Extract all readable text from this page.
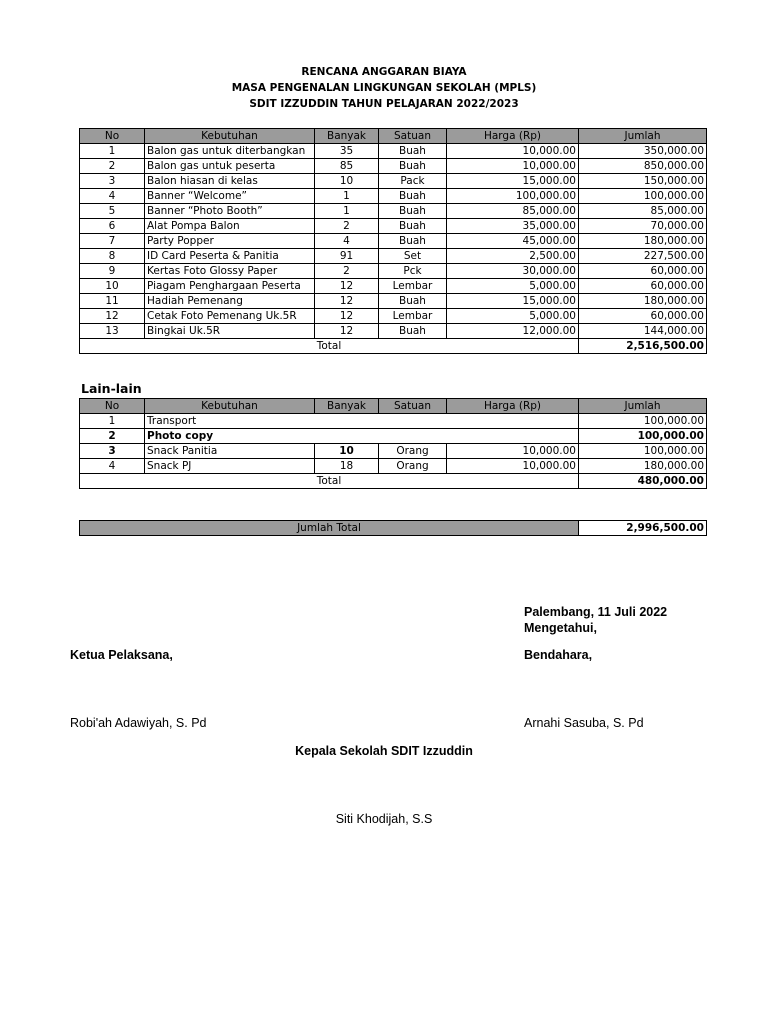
RENCANA ANGGARAN BIAYA
MASA PENGENALAN LINGKUNGAN SEKOLAH (MPLS)
SDIT IZZUDDIN TAHUN PELAJARAN 2022/2023
No	Kebutuhan	Banyak	Satuan	Harga (Rp)	Jumlah
1	Balon gas untuk diterbangkan	35	Buah	10,000.00	350,000.00
2	Balon gas untuk peserta	85	Buah	10,000.00	850,000.00
3	Balon hiasan di kelas	10	Pack	15,000.00	150,000.00
4	Banner “Welcome”	1	Buah	100,000.00	100,000.00
5	Banner “Photo Booth”	1	Buah	85,000.00	85,000.00
6	Alat Pompa Balon	2	Buah	35,000.00	70,000.00
7	Party Popper	4	Buah	45,000.00	180,000.00
8	ID Card Peserta & Panitia	91	Set	2,500.00	227,500.00
9	Kertas Foto Glossy Paper	2	Pck	30,000.00	60,000.00
10	Piagam Penghargaan Peserta	12	Lembar	5,000.00	60,000.00
11	Hadiah Pemenang	12	Buah	15,000.00	180,000.00
12	Cetak Foto Pemenang Uk.5R	12	Lembar	5,000.00	60,000.00
13	Bingkai Uk.5R	12	Buah	12,000.00	144,000.00
Total					2,516,500.00
Lain-lain
No	Kebutuhan	Banyak	Satuan	Harga (Rp)	Jumlah
1	Transport				100,000.00
2	Photo copy				100,000.00
3	Snack Panitia	10	Orang	10,000.00	100,000.00
4	Snack PJ	18	Orang	10,000.00	180,000.00
Total					480,000.00
Jumlah Total	2,996,500.00
Palembang, 11 Juli 2022
Mengetahui,
Ketua Pelaksana,	Bendahara,
Robi'ah Adawiyah, S. Pd	Arnahi Sasuba, S. Pd
Kepala Sekolah SDIT Izzuddin
Siti Khodijah, S.S
